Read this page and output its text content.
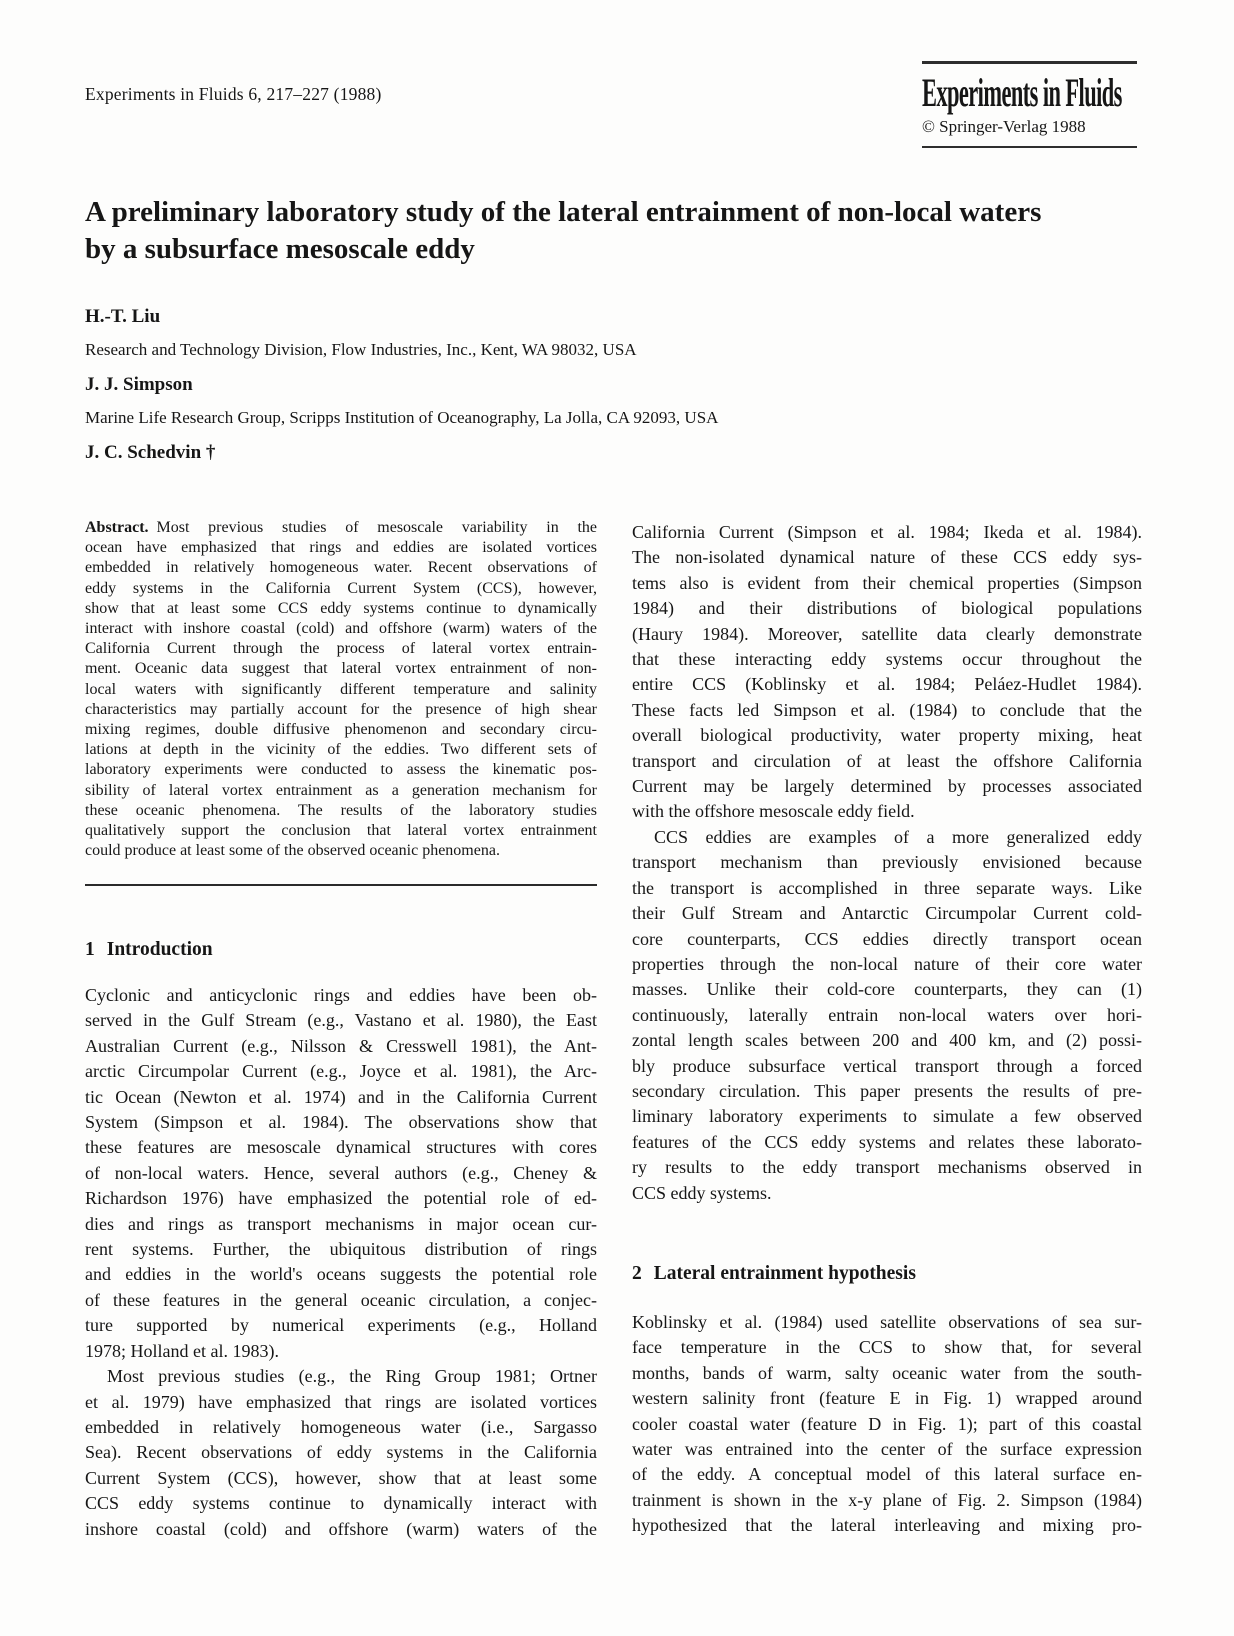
Experiments in Fluids 6, 217–227 (1988)	Experiments in Fluids
© Springer-Verlag 1988
A preliminary laboratory study of the lateral entrainment of non-local waters
by a subsurface mesoscale eddy
H.-T. Liu
Research and Technology Division, Flow Industries, Inc., Kent, WA 98032, USA
J. J. Simpson
Marine Life Research Group, Scripps Institution of Oceanography, La Jolla, CA 92093, USA
J. C. Schedvin †
Abstract. Most previous studies of mesoscale variability in the
ocean have emphasized that rings and eddies are isolated vortices
embedded in relatively homogeneous water. Recent observations of
eddy systems in the California Current System (CCS), however,
show that at least some CCS eddy systems continue to dynamically
interact with inshore coastal (cold) and offshore (warm) waters of the
California Current through the process of lateral vortex entrain-
ment. Oceanic data suggest that lateral vortex entrainment of non-
local waters with significantly different temperature and salinity
characteristics may partially account for the presence of high shear
mixing regimes, double diffusive phenomenon and secondary circu-
lations at depth in the vicinity of the eddies. Two different sets of
laboratory experiments were conducted to assess the kinematic pos-
sibility of lateral vortex entrainment as a generation mechanism for
these oceanic phenomena. The results of the laboratory studies
qualitatively support the conclusion that lateral vortex entrainment
could produce at least some of the observed oceanic phenomena.
1 Introduction
Cyclonic and anticyclonic rings and eddies have been ob-
served in the Gulf Stream (e.g., Vastano et al. 1980), the East
Australian Current (e.g., Nilsson & Cresswell 1981), the Ant-
arctic Circumpolar Current (e.g., Joyce et al. 1981), the Arc-
tic Ocean (Newton et al. 1974) and in the California Current
System (Simpson et al. 1984). The observations show that
these features are mesoscale dynamical structures with cores
of non-local waters. Hence, several authors (e.g., Cheney &
Richardson 1976) have emphasized the potential role of ed-
dies and rings as transport mechanisms in major ocean cur-
rent systems. Further, the ubiquitous distribution of rings
and eddies in the world's oceans suggests the potential role
of these features in the general oceanic circulation, a conjec-
ture supported by numerical experiments (e.g., Holland
1978; Holland et al. 1983).
Most previous studies (e.g., the Ring Group 1981; Ortner
et al. 1979) have emphasized that rings are isolated vortices
embedded in relatively homogeneous water (i.e., Sargasso
Sea). Recent observations of eddy systems in the California
Current System (CCS), however, show that at least some
CCS eddy systems continue to dynamically interact with
inshore coastal (cold) and offshore (warm) waters of the
California Current (Simpson et al. 1984; Ikeda et al. 1984).
The non-isolated dynamical nature of these CCS eddy sys-
tems also is evident from their chemical properties (Simpson
1984) and their distributions of biological populations
(Haury 1984). Moreover, satellite data clearly demonstrate
that these interacting eddy systems occur throughout the
entire CCS (Koblinsky et al. 1984; Peláez-Hudlet 1984).
These facts led Simpson et al. (1984) to conclude that the
overall biological productivity, water property mixing, heat
transport and circulation of at least the offshore California
Current may be largely determined by processes associated
with the offshore mesoscale eddy field.
CCS eddies are examples of a more generalized eddy
transport mechanism than previously envisioned because
the transport is accomplished in three separate ways. Like
their Gulf Stream and Antarctic Circumpolar Current cold-
core counterparts, CCS eddies directly transport ocean
properties through the non-local nature of their core water
masses. Unlike their cold-core counterparts, they can (1)
continuously, laterally entrain non-local waters over hori-
zontal length scales between 200 and 400 km, and (2) possi-
bly produce subsurface vertical transport through a forced
secondary circulation. This paper presents the results of pre-
liminary laboratory experiments to simulate a few observed
features of the CCS eddy systems and relates these laborato-
ry results to the eddy transport mechanisms observed in
CCS eddy systems.
2 Lateral entrainment hypothesis
Koblinsky et al. (1984) used satellite observations of sea sur-
face temperature in the CCS to show that, for several
months, bands of warm, salty oceanic water from the south-
western salinity front (feature E in Fig. 1) wrapped around
cooler coastal water (feature D in Fig. 1); part of this coastal
water was entrained into the center of the surface expression
of the eddy. A conceptual model of this lateral surface en-
trainment is shown in the x-y plane of Fig. 2. Simpson (1984)
hypothesized that the lateral interleaving and mixing pro-
